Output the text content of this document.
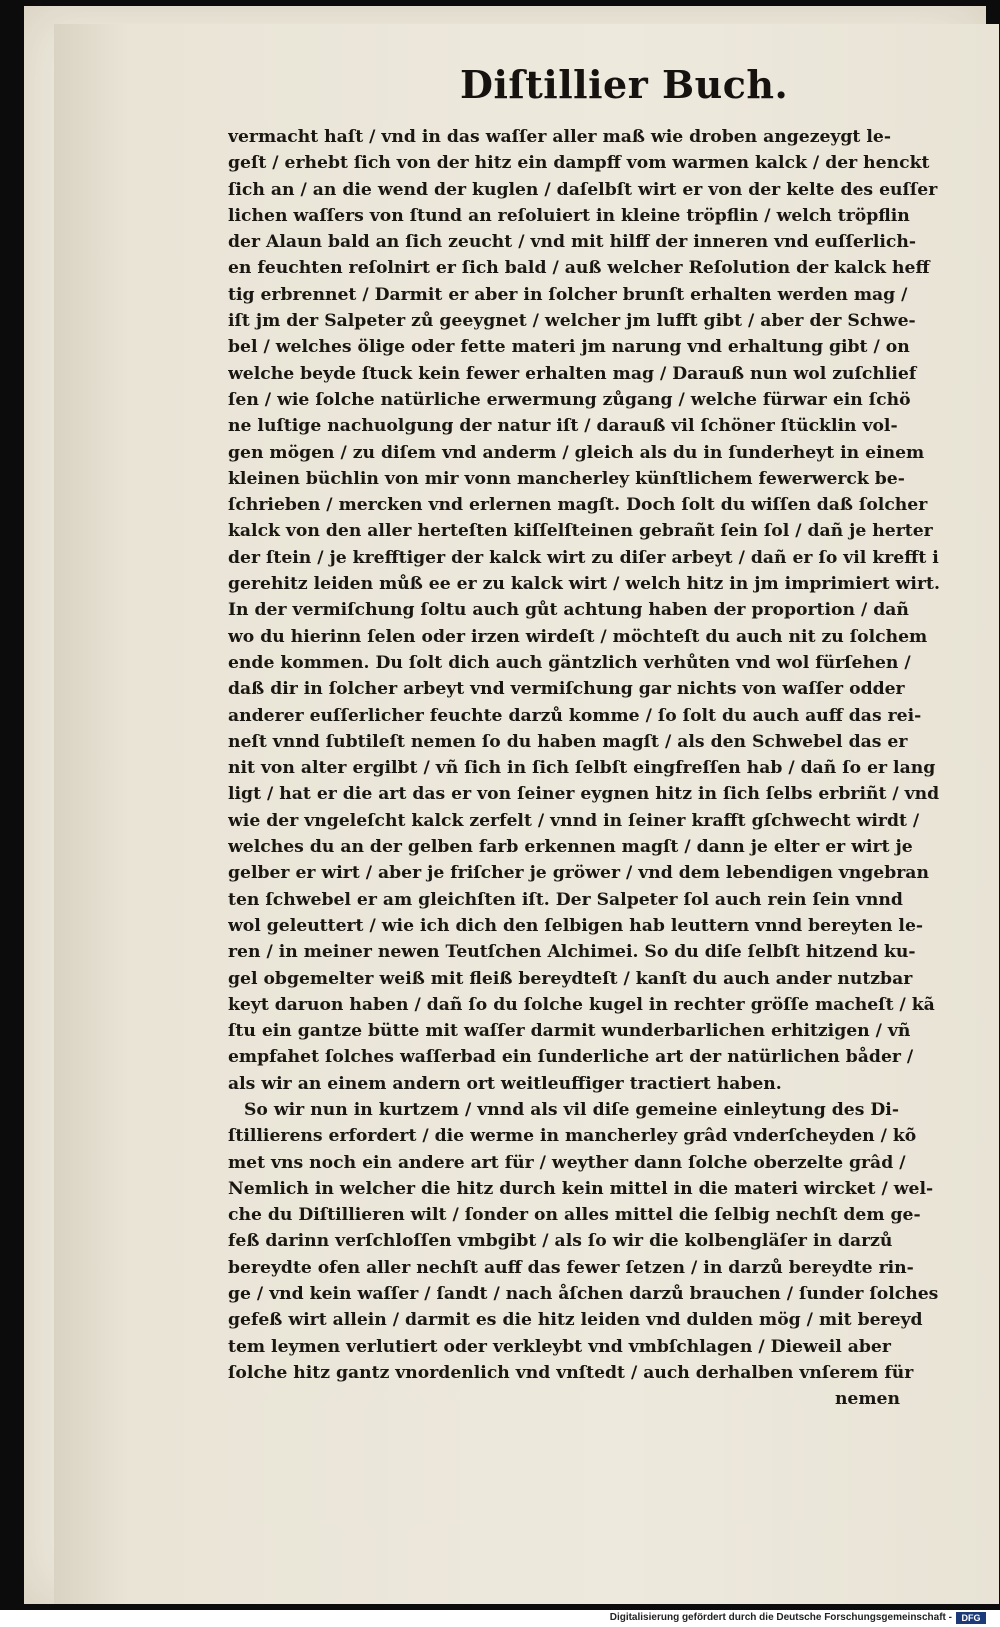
Diſtillier Buch.
vermacht haſt / vnd in das waſſer aller maß wie droben angezeygt le-
geſt / erhebt ſich von der hitz ein dampff vom warmen kalck / der henckt
ſich an / an die wend der kuglen / daſelbſt wirt er von der kelte des euſſer
lichen waſſers von ſtund an reſoluiert in kleine tröpflin / welch tröpflin
der Alaun bald an ſich zeucht / vnd mit hilff der inneren vnd euſſerlich-
en feuchten reſolnirt er ſich bald / auß welcher Reſolution der kalck heff
tig erbrennet / Darmit er aber in ſolcher brunſt erhalten werden mag /
iſt jm der Salpeter zů geeygnet / welcher jm lufft gibt / aber der Schwe-
bel / welches ölige oder fette materi jm narung vnd erhaltung gibt / on
welche beyde ſtuck kein fewer erhalten mag / Darauß nun wol zuſchlief
ſen / wie ſolche natürliche erwermung zůgang / welche fürwar ein ſchö
ne luſtige nachuolgung der natur iſt / darauß vil ſchöner ſtücklin vol-
gen mögen / zu diſem vnd anderm / gleich als du in ſunderheyt in einem
kleinen büchlin von mir vonn mancherley künſtlichem fewerwerck be-
ſchrieben / mercken vnd erlernen magſt. Doch ſolt du wiſſen daß ſolcher
kalck von den aller herteſten kiſſelſteinen gebrañt ſein ſol / dañ je herter
der ſtein / je krefftiger der kalck wirt zu diſer arbeyt / dañ er ſo vil krefft i
gerehitz leiden můß ee er zu kalck wirt / welch hitz in jm imprimiert wirt.
In der vermiſchung ſoltu auch gůt achtung haben der proportion / dañ
wo du hierinn ſelen oder irzen wirdeſt / möchteſt du auch nit zu ſolchem
ende kommen. Du ſolt dich auch gäntzlich verhůten vnd wol fürſehen /
daß dir in ſolcher arbeyt vnd vermiſchung gar nichts von waſſer odder
anderer euſſerlicher feuchte darzů komme / ſo ſolt du auch auff das rei-
neſt vnnd ſubtileſt nemen ſo du haben magſt / als den Schwebel das er
nit von alter ergilbt / vñ ſich in ſich ſelbſt eingfreſſen hab / dañ ſo er lang
ligt / hat er die art das er von ſeiner eygnen hitz in ſich ſelbs erbriñt / vnd
wie der vngeleſcht kalck zerfelt / vnnd in ſeiner krafft gſchwecht wirdt /
welches du an der gelben farb erkennen magſt / dann je elter er wirt je
gelber er wirt / aber je friſcher je gröwer / vnd dem lebendigen vngebran
ten ſchwebel er am gleichſten iſt. Der Salpeter ſol auch rein ſein vnnd
wol geleuttert / wie ich dich den ſelbigen hab leuttern vnnd bereyten le-
ren / in meiner newen Teutſchen Alchimei. So du diſe ſelbſt hitzend ku-
gel obgemelter weiß mit fleiß bereydteſt / kanſt du auch ander nutzbar
keyt daruon haben / dañ ſo du ſolche kugel in rechter gröſſe macheſt / kã
ſtu ein gantze bütte mit waſſer darmit wunderbarlichen erhitzigen / vñ
empfahet ſolches waſſerbad ein ſunderliche art der natürlichen båder /
als wir an einem andern ort weitleuffiger tractiert haben.
So wir nun in kurtzem / vnnd als vil diſe gemeine einleytung des Di-
ſtillierens erfordert / die werme in mancherley grâd vnderſcheyden / kõ
met vns noch ein andere art für / weyther dann ſolche oberzelte grâd /
Nemlich in welcher die hitz durch kein mittel in die materi wircket / wel-
che du Diſtillieren wilt / ſonder on alles mittel die ſelbig nechſt dem ge-
feß darinn verſchloſſen vmbgibt / als ſo wir die kolbengläſer in darzů
bereydte ofen aller nechſt auff das fewer ſetzen / in darzů bereydte rin-
ge / vnd kein waſſer / ſandt / nach åſchen darzů brauchen / ſunder ſolches
gefeß wirt allein / darmit es die hitz leiden vnd dulden mög / mit bereyd
tem leymen verlutiert oder verkleybt vnd vmbſchlagen / Dieweil aber
ſolche hitz gantz vnordenlich vnd vnſtedt / auch derhalben vnſerem für
nemen
Digitalisierung gefördert durch die Deutsche Forschungsgemeinschaft -	DFG
